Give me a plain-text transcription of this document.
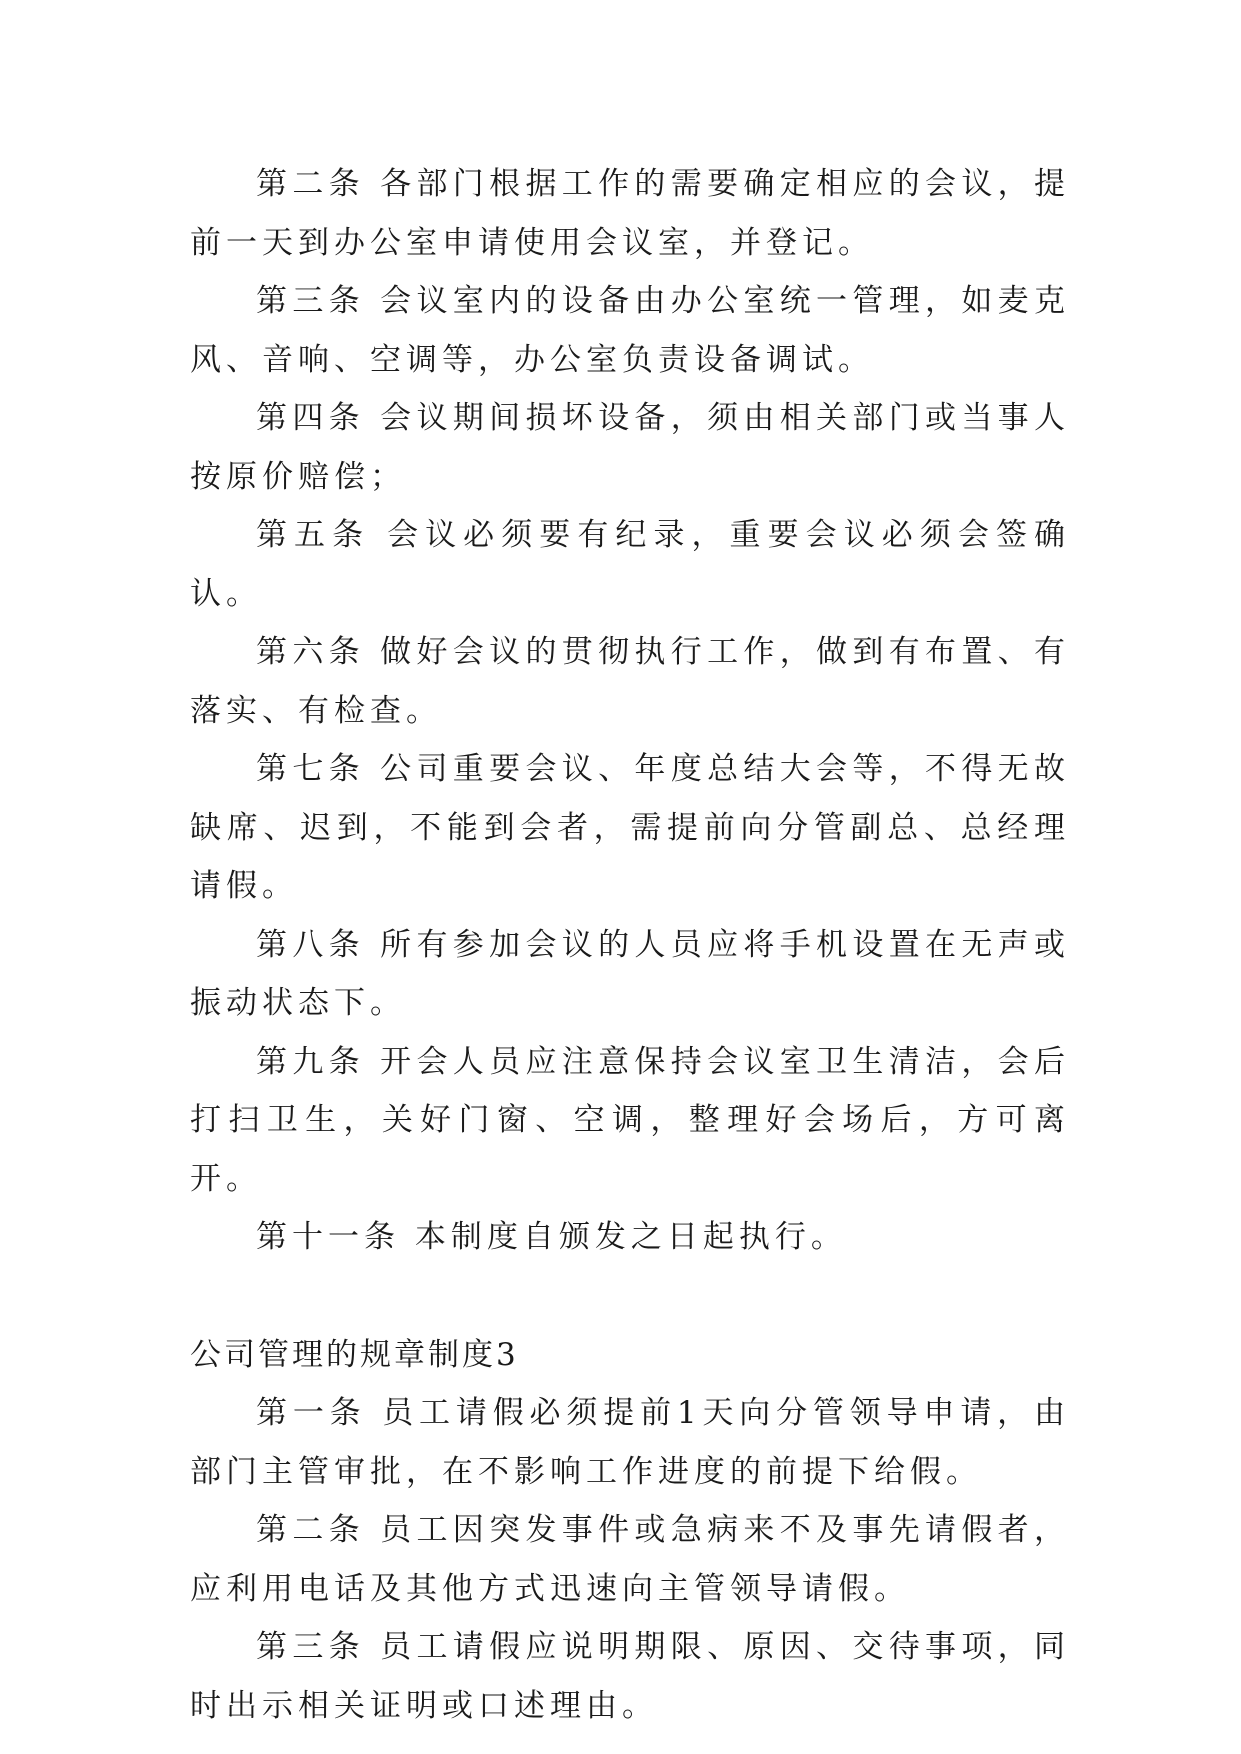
第二条 各部门根据工作的需要确定相应的会议，提前一天到办公室申请使用会议室，并登记。

第三条 会议室内的设备由办公室统一管理，如麦克风、音响、空调等，办公室负责设备调试。

第四条 会议期间损坏设备，须由相关部门或当事人按原价赔偿；

第五条 会议必须要有纪录，重要会议必须会签确认。

第六条 做好会议的贯彻执行工作，做到有布置、有落实、有检查。

第七条 公司重要会议、年度总结大会等，不得无故缺席、迟到，不能到会者，需提前向分管副总、总经理请假。

第八条 所有参加会议的人员应将手机设置在无声或振动状态下。

第九条 开会人员应注意保持会议室卫生清洁，会后打扫卫生，关好门窗、空调，整理好会场后，方可离开。

第十一条 本制度自颁发之日起执行。

公司管理的规章制度3

第一条 员工请假必须提前1天向分管领导申请，由部门主管审批，在不影响工作进度的前提下给假。

第二条 员工因突发事件或急病来不及事先请假者，应利用电话及其他方式迅速向主管领导请假。

第三条 员工请假应说明期限、原因、交待事项，同时出示相关证明或口述理由。
